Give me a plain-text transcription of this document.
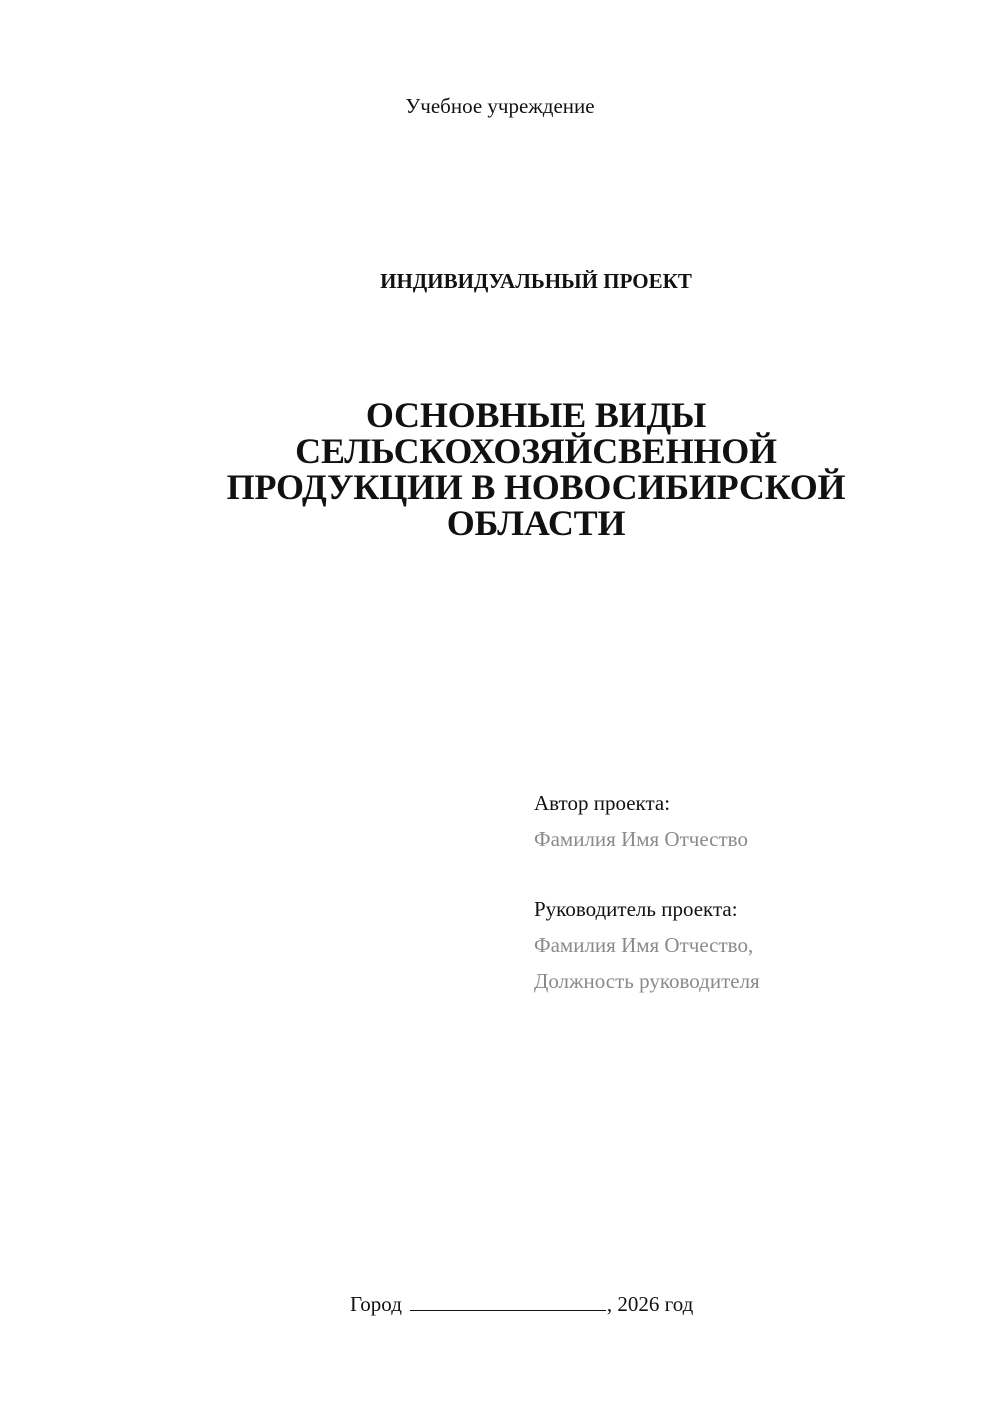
Учебное учреждение
ИНДИВИДУАЛЬНЫЙ ПРОЕКТ
ОСНОВНЫЕ ВИДЫ
СЕЛЬСКОХОЗЯЙСВЕННОЙ
ПРОДУКЦИИ В НОВОСИБИРСКОЙ
ОБЛАСТИ
Автор проекта:
Фамилия Имя Отчество
Руководитель проекта:
Фамилия Имя Отчество,
Должность руководителя
Город	, 2026 год
